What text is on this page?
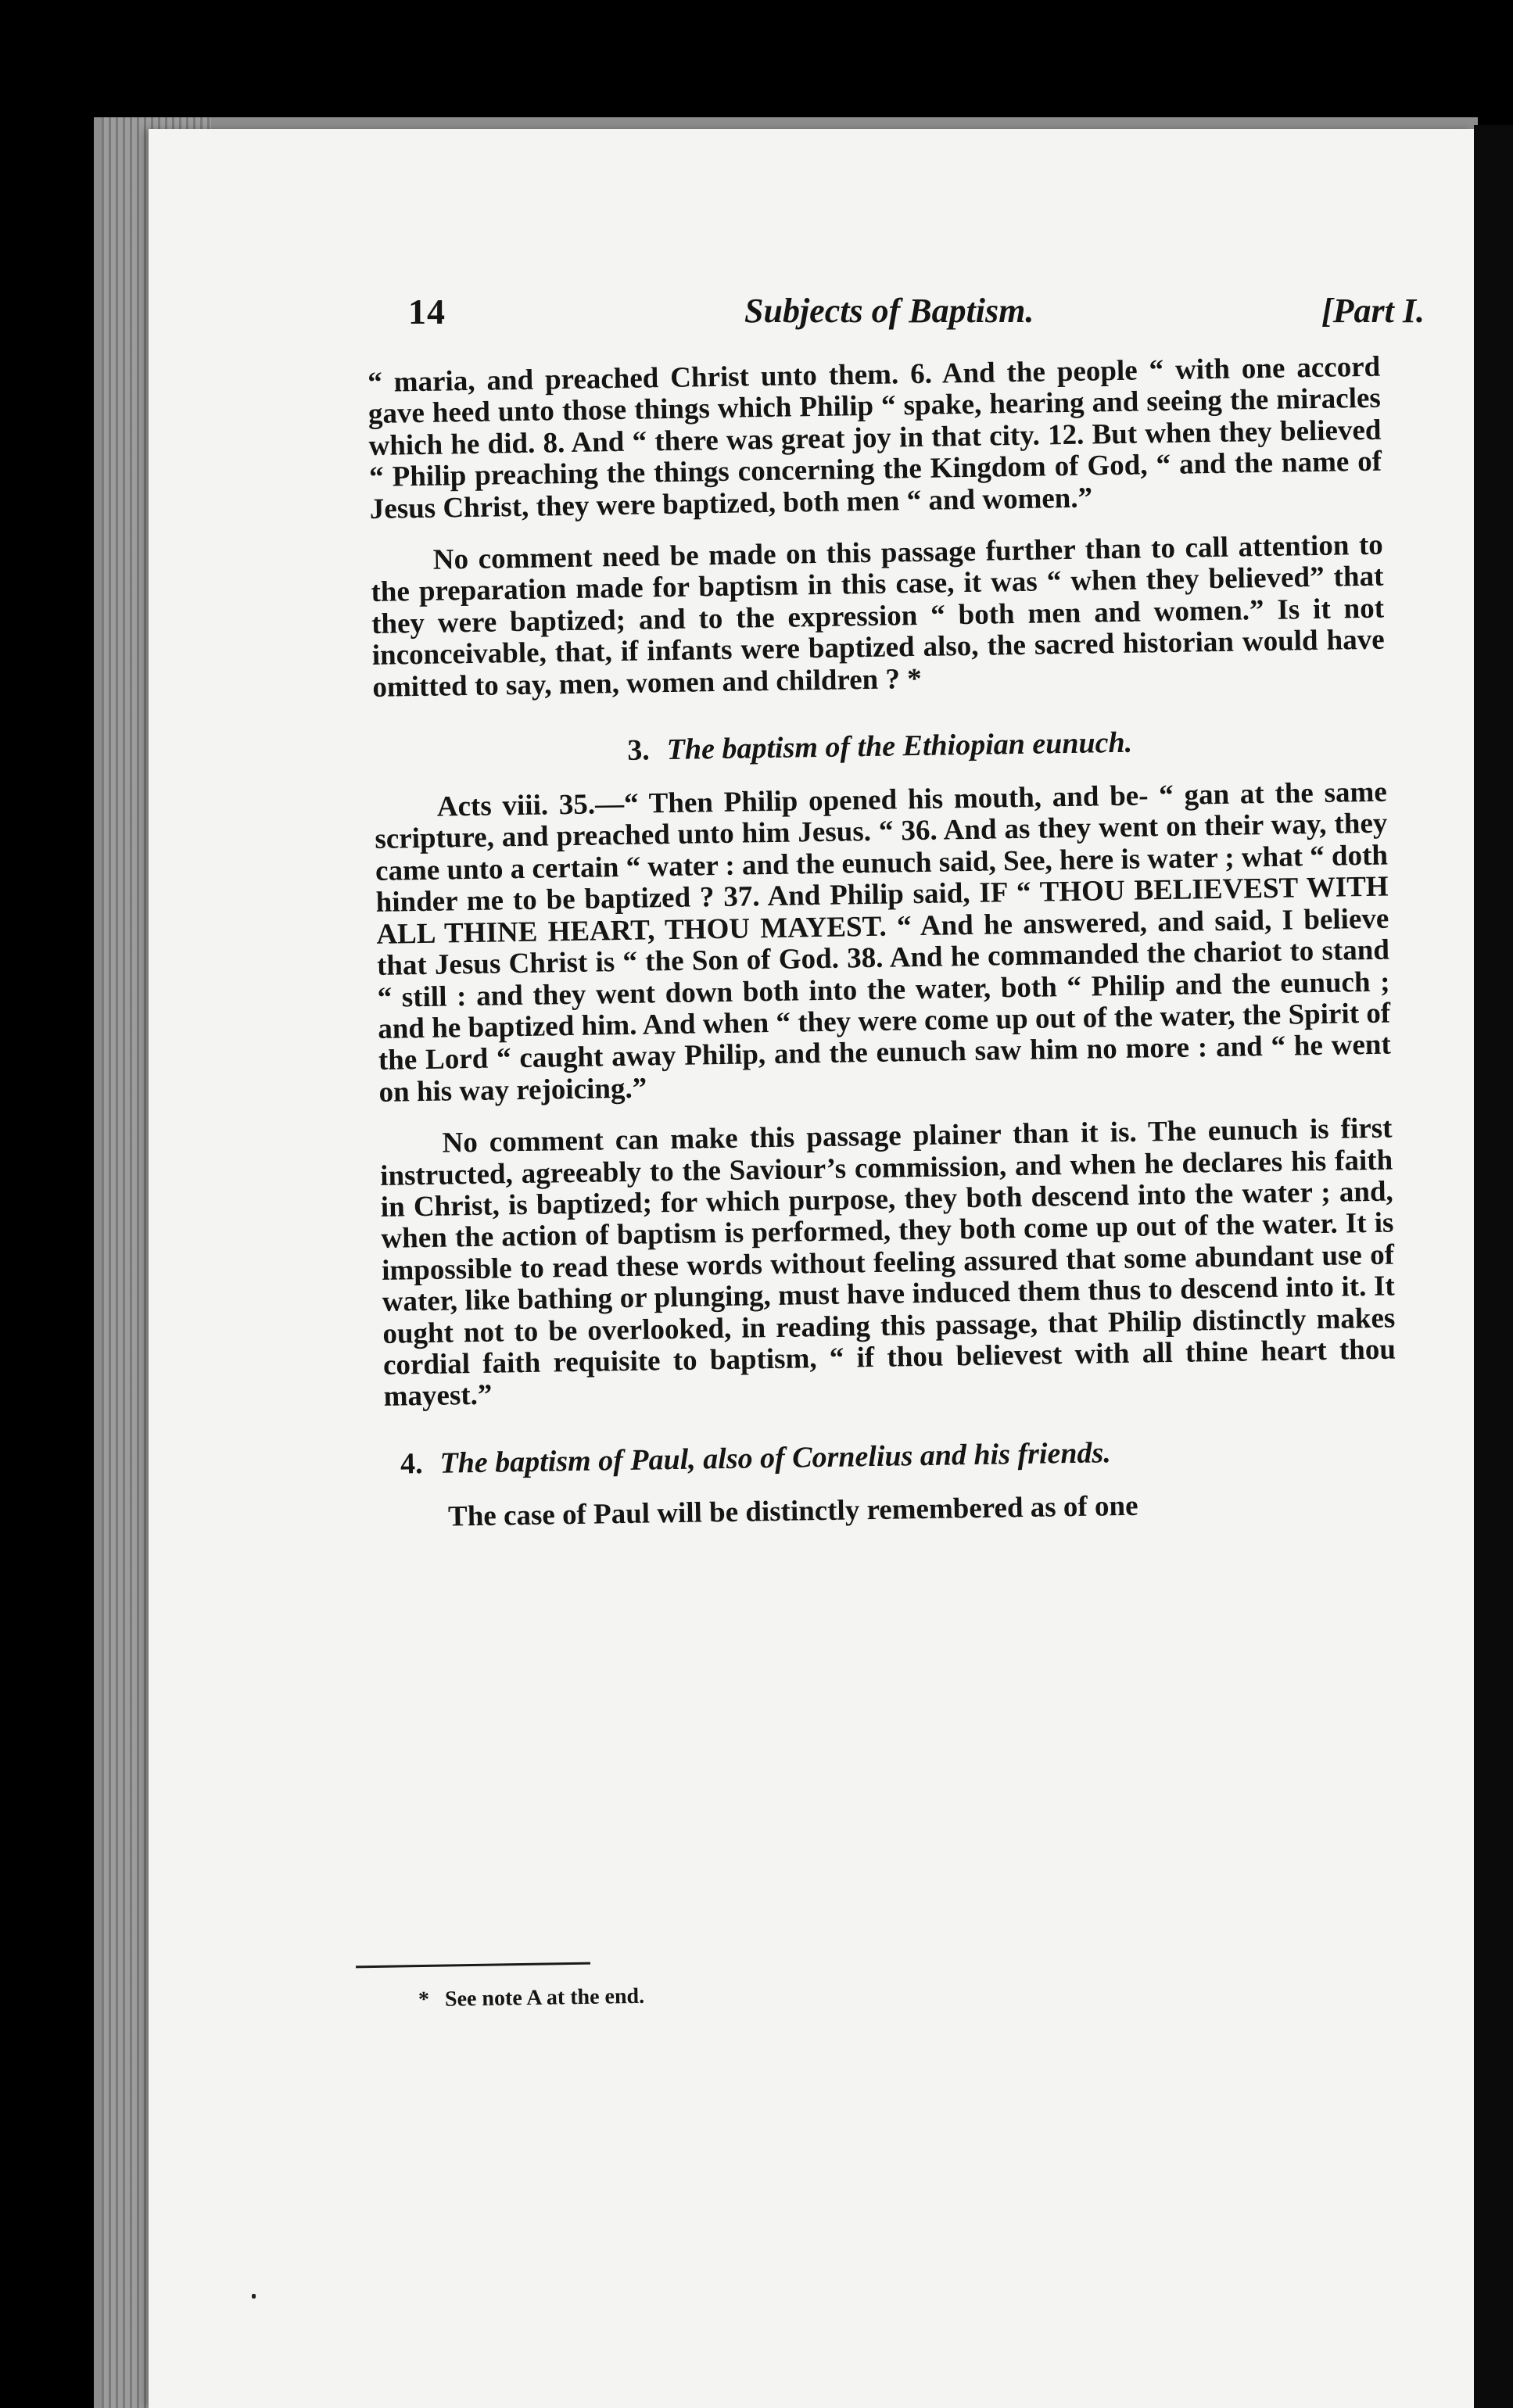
14	Subjects of Baptism.	[Part I.

“ maria, and preached Christ unto them. 6. And the people “ with one accord gave heed unto those things which Philip “ spake, hearing and seeing the miracles which he did. 8. And “ there was great joy in that city. 12. But when they believed “ Philip preaching the things concerning the Kingdom of God, “ and the name of Jesus Christ, they were baptized, both men “ and women.”

No comment need be made on this passage further than to call attention to the preparation made for baptism in this case, it was “ when they believed” that they were baptized; and to the expression “ both men and women.” Is it not inconceivable, that, if infants were baptized also, the sacred historian would have omitted to say, men, women and children ? *

3. The baptism of the Ethiopian eunuch.

Acts viii. 35.—“ Then Philip opened his mouth, and be- “ gan at the same scripture, and preached unto him Jesus. “ 36. And as they went on their way, they came unto a certain “ water : and the eunuch said, See, here is water ; what “ doth hinder me to be baptized ? 37. And Philip said, IF “ THOU BELIEVEST WITH ALL THINE HEART, THOU MAYEST. “ And he answered, and said, I believe that Jesus Christ is “ the Son of God. 38. And he commanded the chariot to stand “ still : and they went down both into the water, both “ Philip and the eunuch ; and he baptized him. And when “ they were come up out of the water, the Spirit of the Lord “ caught away Philip, and the eunuch saw him no more : and “ he went on his way rejoicing.”

No comment can make this passage plainer than it is. The eunuch is first instructed, agreeably to the Saviour’s commission, and when he declares his faith in Christ, is baptized; for which purpose, they both descend into the water ; and, when the action of baptism is performed, they both come up out of the water. It is impossible to read these words without feeling assured that some abundant use of water, like bathing or plunging, must have induced them thus to descend into it. It ought not to be overlooked, in reading this passage, that Philip distinctly makes cordial faith requisite to baptism, “ if thou believest with all thine heart thou mayest.”

4. The baptism of Paul, also of Cornelius and his friends.

The case of Paul will be distinctly remembered as of one

* See note A at the end.
